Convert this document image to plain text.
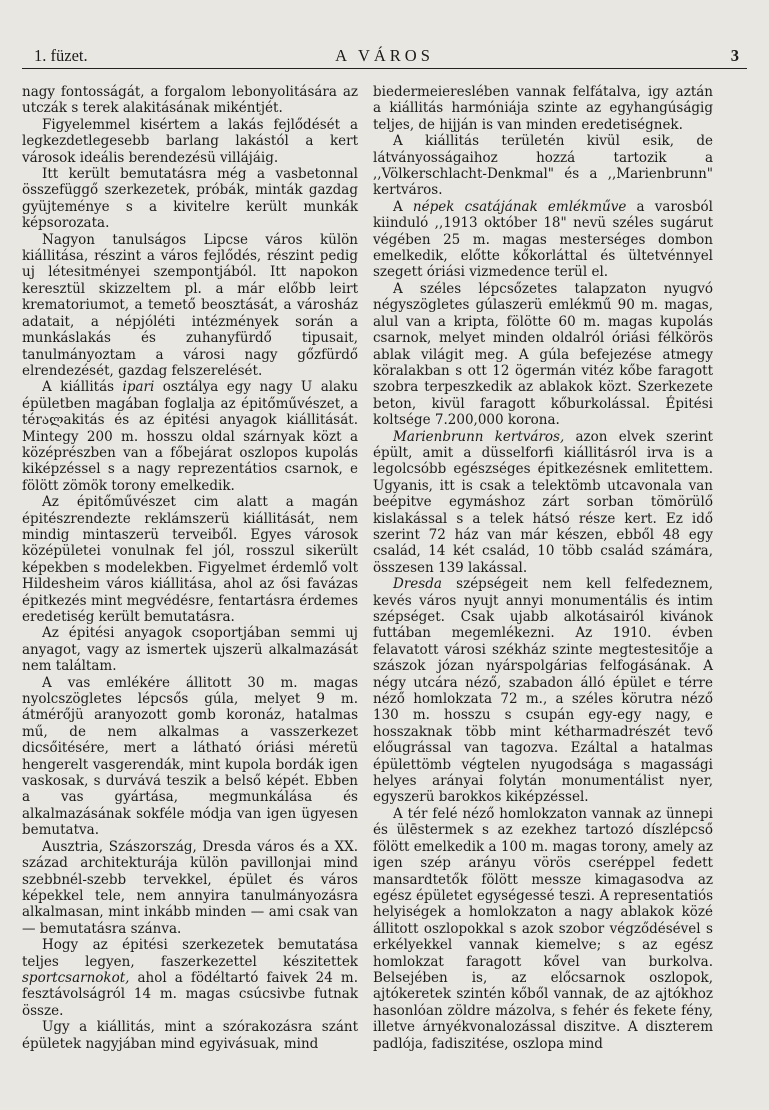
1. füzet.	A VÁROS	3

nagy fontosságát, a forgalom lebonyolitására az utczák s terek alakitásának mikéntjét.

Figyelemmel kisértem a lakás fejlődését a legkezdetlegesebb barlang lakástól a kert városok ideális berendezésü villájáig.

Itt került bemutatásra még a vasbetonnal összefüggő szerkezetek, próbák, minták gazdag gyüjteménye s a kivitelre került munkák képsorozata.

Nagyon tanulságos Lipcse város külön kiállitása, részint a város fejlődés, részint pedig uj létesitményei szempontjából. Itt napokon keresztül skizzeltem pl. a már előbb leirt krematoriumot, a temető beosztását, a városház adatait, a népjóléti intézmények során a munkáslakás és zuhanyfürdő tipusait, tanulmányoztam a városi nagy gőzfürdő elrendezését, gazdag felszerelését.

A kiállitás ipari osztálya egy nagy U alaku épületben magában foglalja az épitőművészet, a térალakitás és az épitési anyagok kiállitását. Mintegy 200 m. hosszu oldal szárnyak közt a középrészben van a főbejárat oszlopos kupolás kiképzéssel s a nagy reprezentátios csarnok, e fölött zömök torony emelkedik.

Az épitőművészet cim alatt a magán épitészrendezte reklámszerü kiállitását, nem mindig mintaszerü terveiből. Egyes városok középületei vonulnak fel jól, rosszul sikerült képekben s modelekben. Figyelmet érdemlő volt Hildesheim város kiállitása, ahol az ősi favázas épitkezés mint megvédésre, fentartásra érdemes eredetiség került bemutatásra.

Az épitési anyagok csoportjában semmi uj anyagot, vagy az ismertek ujszerü alkalmazását nem találtam.

A vas emlékére állitott 30 m. magas nyolcszögletes lépcsős gúla, melyet 9 m. átmérőjü aranyozott gomb koronáz, hatalmas mű, de nem alkalmas a vasszerkezet dicsőitésére, mert a látható óriási méretü hengerelt vasgerendák, mint kupola bordák igen vaskosak, s durvává teszik a belső képét. Ebben a vas gyártása, megmunkálása és alkalmazásának sokféle módja van igen ügyesen bemutatva.

Ausztria, Szászország, Dresda város és a XX. század architekturája külön pavillonjai mind szebbnél-szebb tervekkel, épület és város képekkel tele, nem annyira tanulmányozásra alkalmasan, mint inkább minden — ami csak van — bemutatásra szánva.

Hogy az épitési szerkezetek bemutatása teljes legyen, faszerkezettel készitettek sportcsarnokot, ahol a födéltartó faivek 24 m. fesztávolságról 14 m. magas csúcsivbe futnak össze.

Ugy a kiállitás, mint a szórakozásra szánt épületek nagyjában mind egyivásuak, mind

biedermeiereslében vannak felfátalva, igy aztán a kiállitás harmóniája szinte az egyhangúságig teljes, de hijján is van minden eredetiségnek.

A kiállitás területén kivül esik, de látványosságaihoz hozzá tartozik a ,,Völkerschlacht-Denkmal" és a ,,Marienbrunn" kertváros.

A népek csatájának emlékműve a varosból kiinduló ,,1913 október 18" nevü széles sugárut végében 25 m. magas mesterséges dombon emelkedik, előtte kőkorláttal és ültetvénnyel szegett óriási vizmedence terül el.

A széles lépcsőzetes talapzaton nyugvó négyszögletes gúlaszerü emlékmű 90 m. magas, alul van a kripta, fölötte 60 m. magas kupolás csarnok, melyet minden oldalról óriási félkörös ablak világit meg. A gúla befejezése atmegy köralakban s ott 12 ögermán vitéz kőbe faragott szobra terpeszkedik az ablakok közt. Szerkezete beton, kivül faragott kőburkolással. Épitési koltsége 7.200,000 korona.

Marienbrunn kertváros, azon elvek szerint épült, amit a düsselforfi kiállitásról irva is a legolcsóbb egészséges épitkezésnek emlitettem. Ugyanis, itt is csak a telektömb utcavonala van beépitve egymáshoz zárt sorban tömörülő kislakással s a telek hátsó része kert. Ez idő szerint 72 ház van már készen, ebből 48 egy család, 14 két család, 10 több család számára, összesen 139 lakással.

Dresda szépségeit nem kell felfedeznem, kevés város nyujt annyi monumentális és intim szépséget. Csak ujabb alkotásairól kivánok futtában megemlékezni. Az 1910. évben felavatott városi székház szinte megtestesitője a szászok józan nyárspolgárias felfogásának. A négy utcára néző, szabadon álló épület e térre néző homlokzata 72 m., a széles körutra néző 130 m. hosszu s csupán egy-egy nagy, e hosszaknak több mint kétharmadrészét tevő előugrással van tagozva. Ezáltal a hatalmas épülettömb végtelen nyugodsága s magassági helyes arányai folytán monumentálist nyer, egyszerü barokkos kiképzéssel.

A tér felé néző homlokzaton vannak az ünnepi és ülēstermek s az ezekhez tartozó díszlépcső fölött emelkedik a 100 m. magas torony, amely az igen szép arányu vörös cseréppel fedett mansardtetők fölött messze kimagasodva az egész épületet egységessé teszi. A representatiós helyiségek a homlokzaton a nagy ablakok közé állitott oszlopokkal s azok szobor végződésével s erkélyekkel vannak kiemelve; s az egész homlokzat faragott kővel van burkolva. Belsejében is, az előcsarnok oszlopok, ajtókeretek szintén kőből vannak, de az ajtókhoz hasonlóan zöldre mázolva, s fehér és fekete fény, illetve árnyékvonalozással diszitve. A diszterem padlója, fadiszitése, oszlopa mind
